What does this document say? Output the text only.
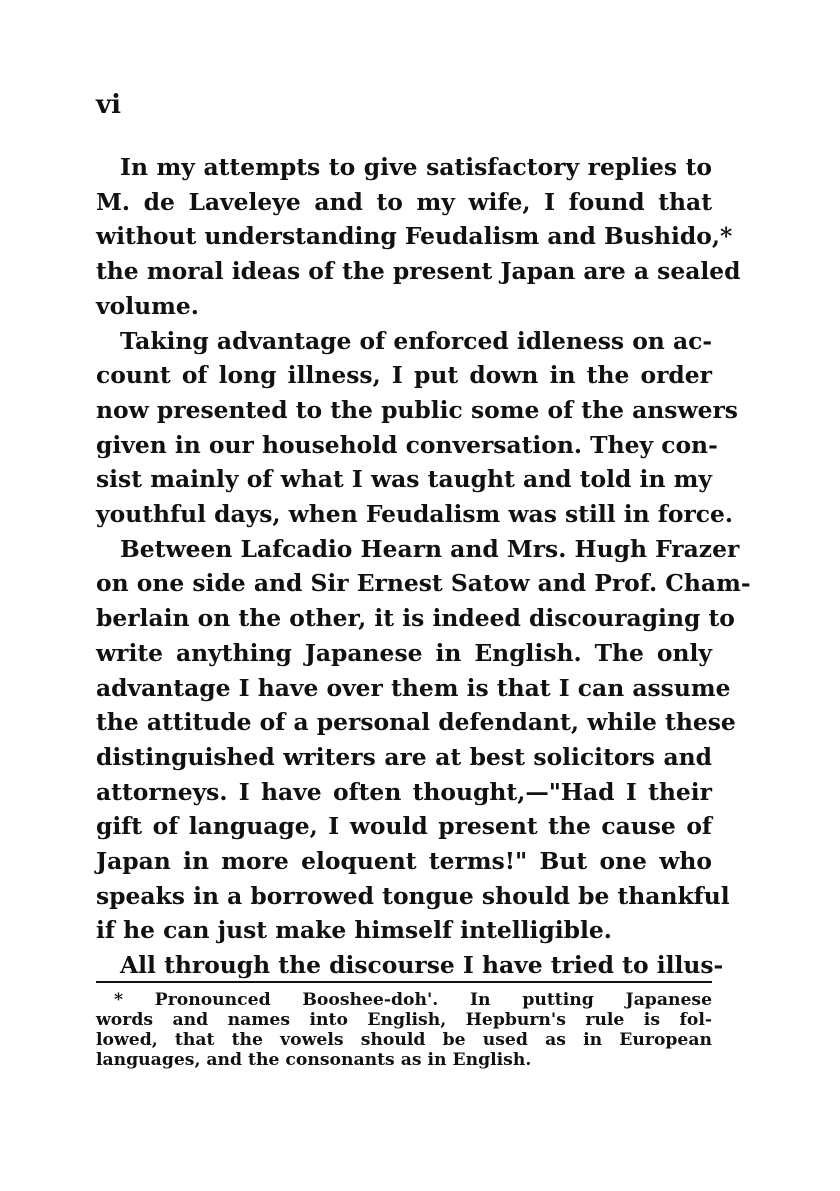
vi
In my attempts to give satisfactory replies to
M. de Laveleye and to my wife, I found that
without understanding Feudalism and Bushido,*
the moral ideas of the present Japan are a sealed
volume.
Taking advantage of enforced idleness on ac-
count of long illness, I put down in the order
now presented to the public some of the answers
given in our household conversation. They con-
sist mainly of what I was taught and told in my
youthful days, when Feudalism was still in force.
Between Lafcadio Hearn and Mrs. Hugh Frazer
on one side and Sir Ernest Satow and Prof. Cham-
berlain on the other, it is indeed discouraging to
write anything Japanese in English. The only
advantage I have over them is that I can assume
the attitude of a personal defendant, while these
distinguished writers are at best solicitors and
attorneys. I have often thought,—"Had I their
gift of language, I would present the cause of
Japan in more eloquent terms!" But one who
speaks in a borrowed tongue should be thankful
if he can just make himself intelligible.
All through the discourse I have tried to illus-
* Pronounced Booshee-doh'. In putting Japanese
words and names into English, Hepburn's rule is fol-
lowed, that the vowels should be used as in European
languages, and the consonants as in English.
